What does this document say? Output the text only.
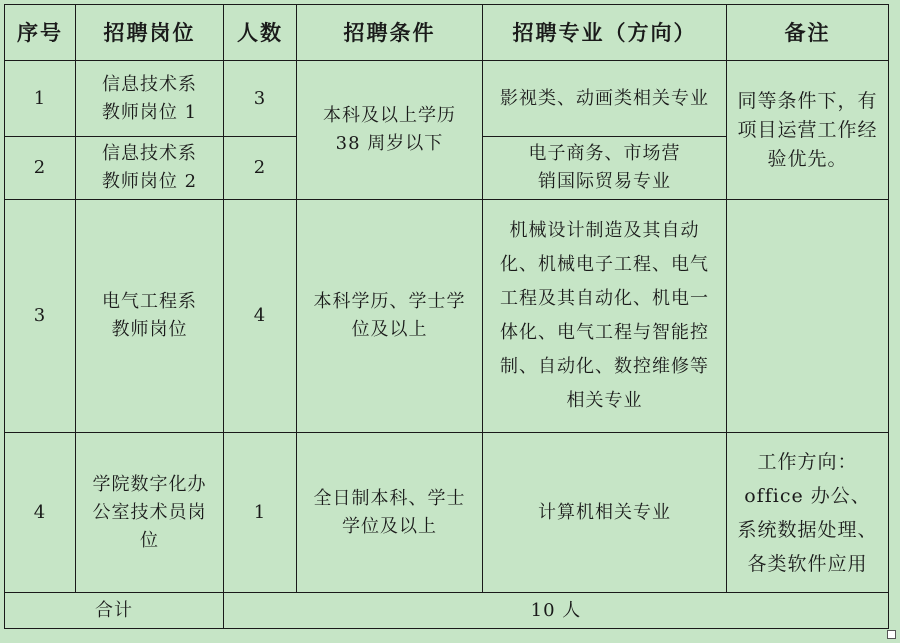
序号	招聘岗位	人数	招聘条件	招聘专业（方向）	备注
1	信息技术系教师岗位 1	3	本科及以上学历38 周岁以下	影视类、动画类相关专业	同等条件下，有项目运营工作经验优先。
2	信息技术系教师岗位 2	2		电子商务、市场营销国际贸易专业	
3	电气工程系教师岗位	4	本科学历、学士学位及以上	机械设计制造及其自动化、机械电子工程、电气工程及其自动化、机电一体化、电气工程与智能控制、自动化、数控维修等相关专业	
4	学院数字化办公室技术员岗位	1	全日制本科、学士学位及以上	计算机相关专业	工作方向：office 办公、系统数据处理、各类软件应用
合计		10 人			
